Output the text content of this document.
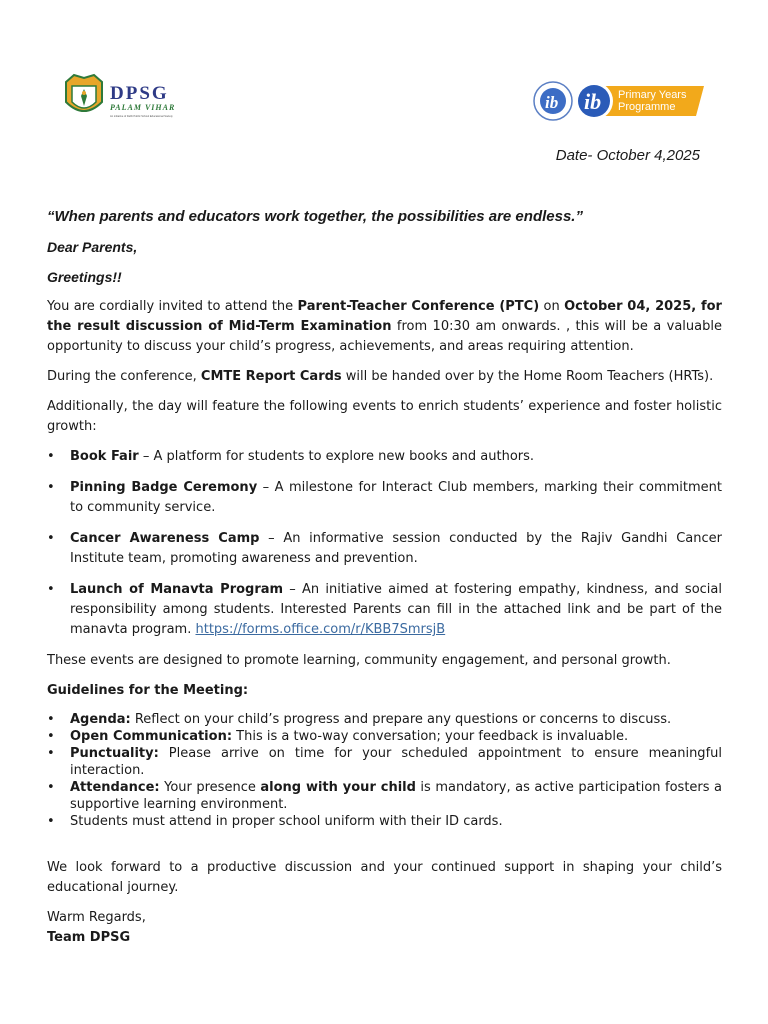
DPSG
PALAM VIHAR
An initiative of Delhi Public School Educational Society
ib ib Primary Years
Programme
Date- October 4,2025
“When parents and educators work together, the possibilities are endless.”
Dear Parents,
Greetings!!

You are cordially invited to attend the Parent-Teacher Conference (PTC) on October 04, 2025, for the result discussion of Mid-Term Examination from 10:30 am onwards. , this will be a valuable opportunity to discuss your child’s progress, achievements, and areas requiring attention.

During the conference, CMTE Report Cards will be handed over by the Home Room Teachers (HRTs).

Additionally, the day will feature the following events to enrich students’ experience and foster holistic growth:

• Book Fair – A platform for students to explore new books and authors.
• Pinning Badge Ceremony – A milestone for Interact Club members, marking their commitment to community service.
• Cancer Awareness Camp – An informative session conducted by the Rajiv Gandhi Cancer Institute team, promoting awareness and prevention.
• Launch of Manavta Program – An initiative aimed at fostering empathy, kindness, and social responsibility among students. Interested Parents can fill in the attached link and be part of the manavta program. https://forms.office.com/r/KBB7SmrsjB

These events are designed to promote learning, community engagement, and personal growth.

Guidelines for the Meeting:
• Agenda: Reflect on your child’s progress and prepare any questions or concerns to discuss.
• Open Communication: This is a two-way conversation; your feedback is invaluable.
• Punctuality: Please arrive on time for your scheduled appointment to ensure meaningful interaction.
• Attendance: Your presence along with your child is mandatory, as active participation fosters a supportive learning environment.
• Students must attend in proper school uniform with their ID cards.

We look forward to a productive discussion and your continued support in shaping your child’s educational journey.

Warm Regards,
Team DPSG
